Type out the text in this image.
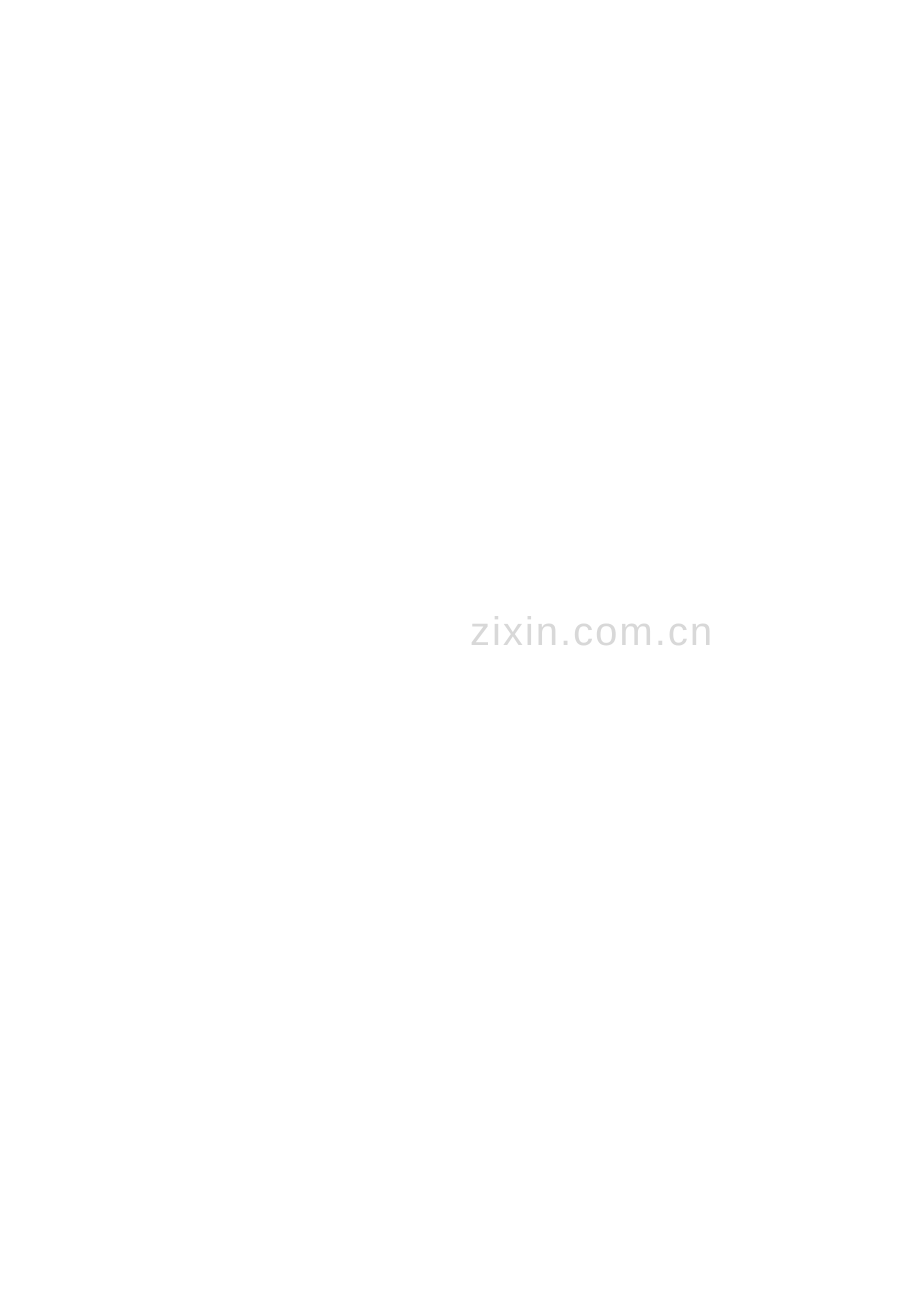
zixin.com.cn
